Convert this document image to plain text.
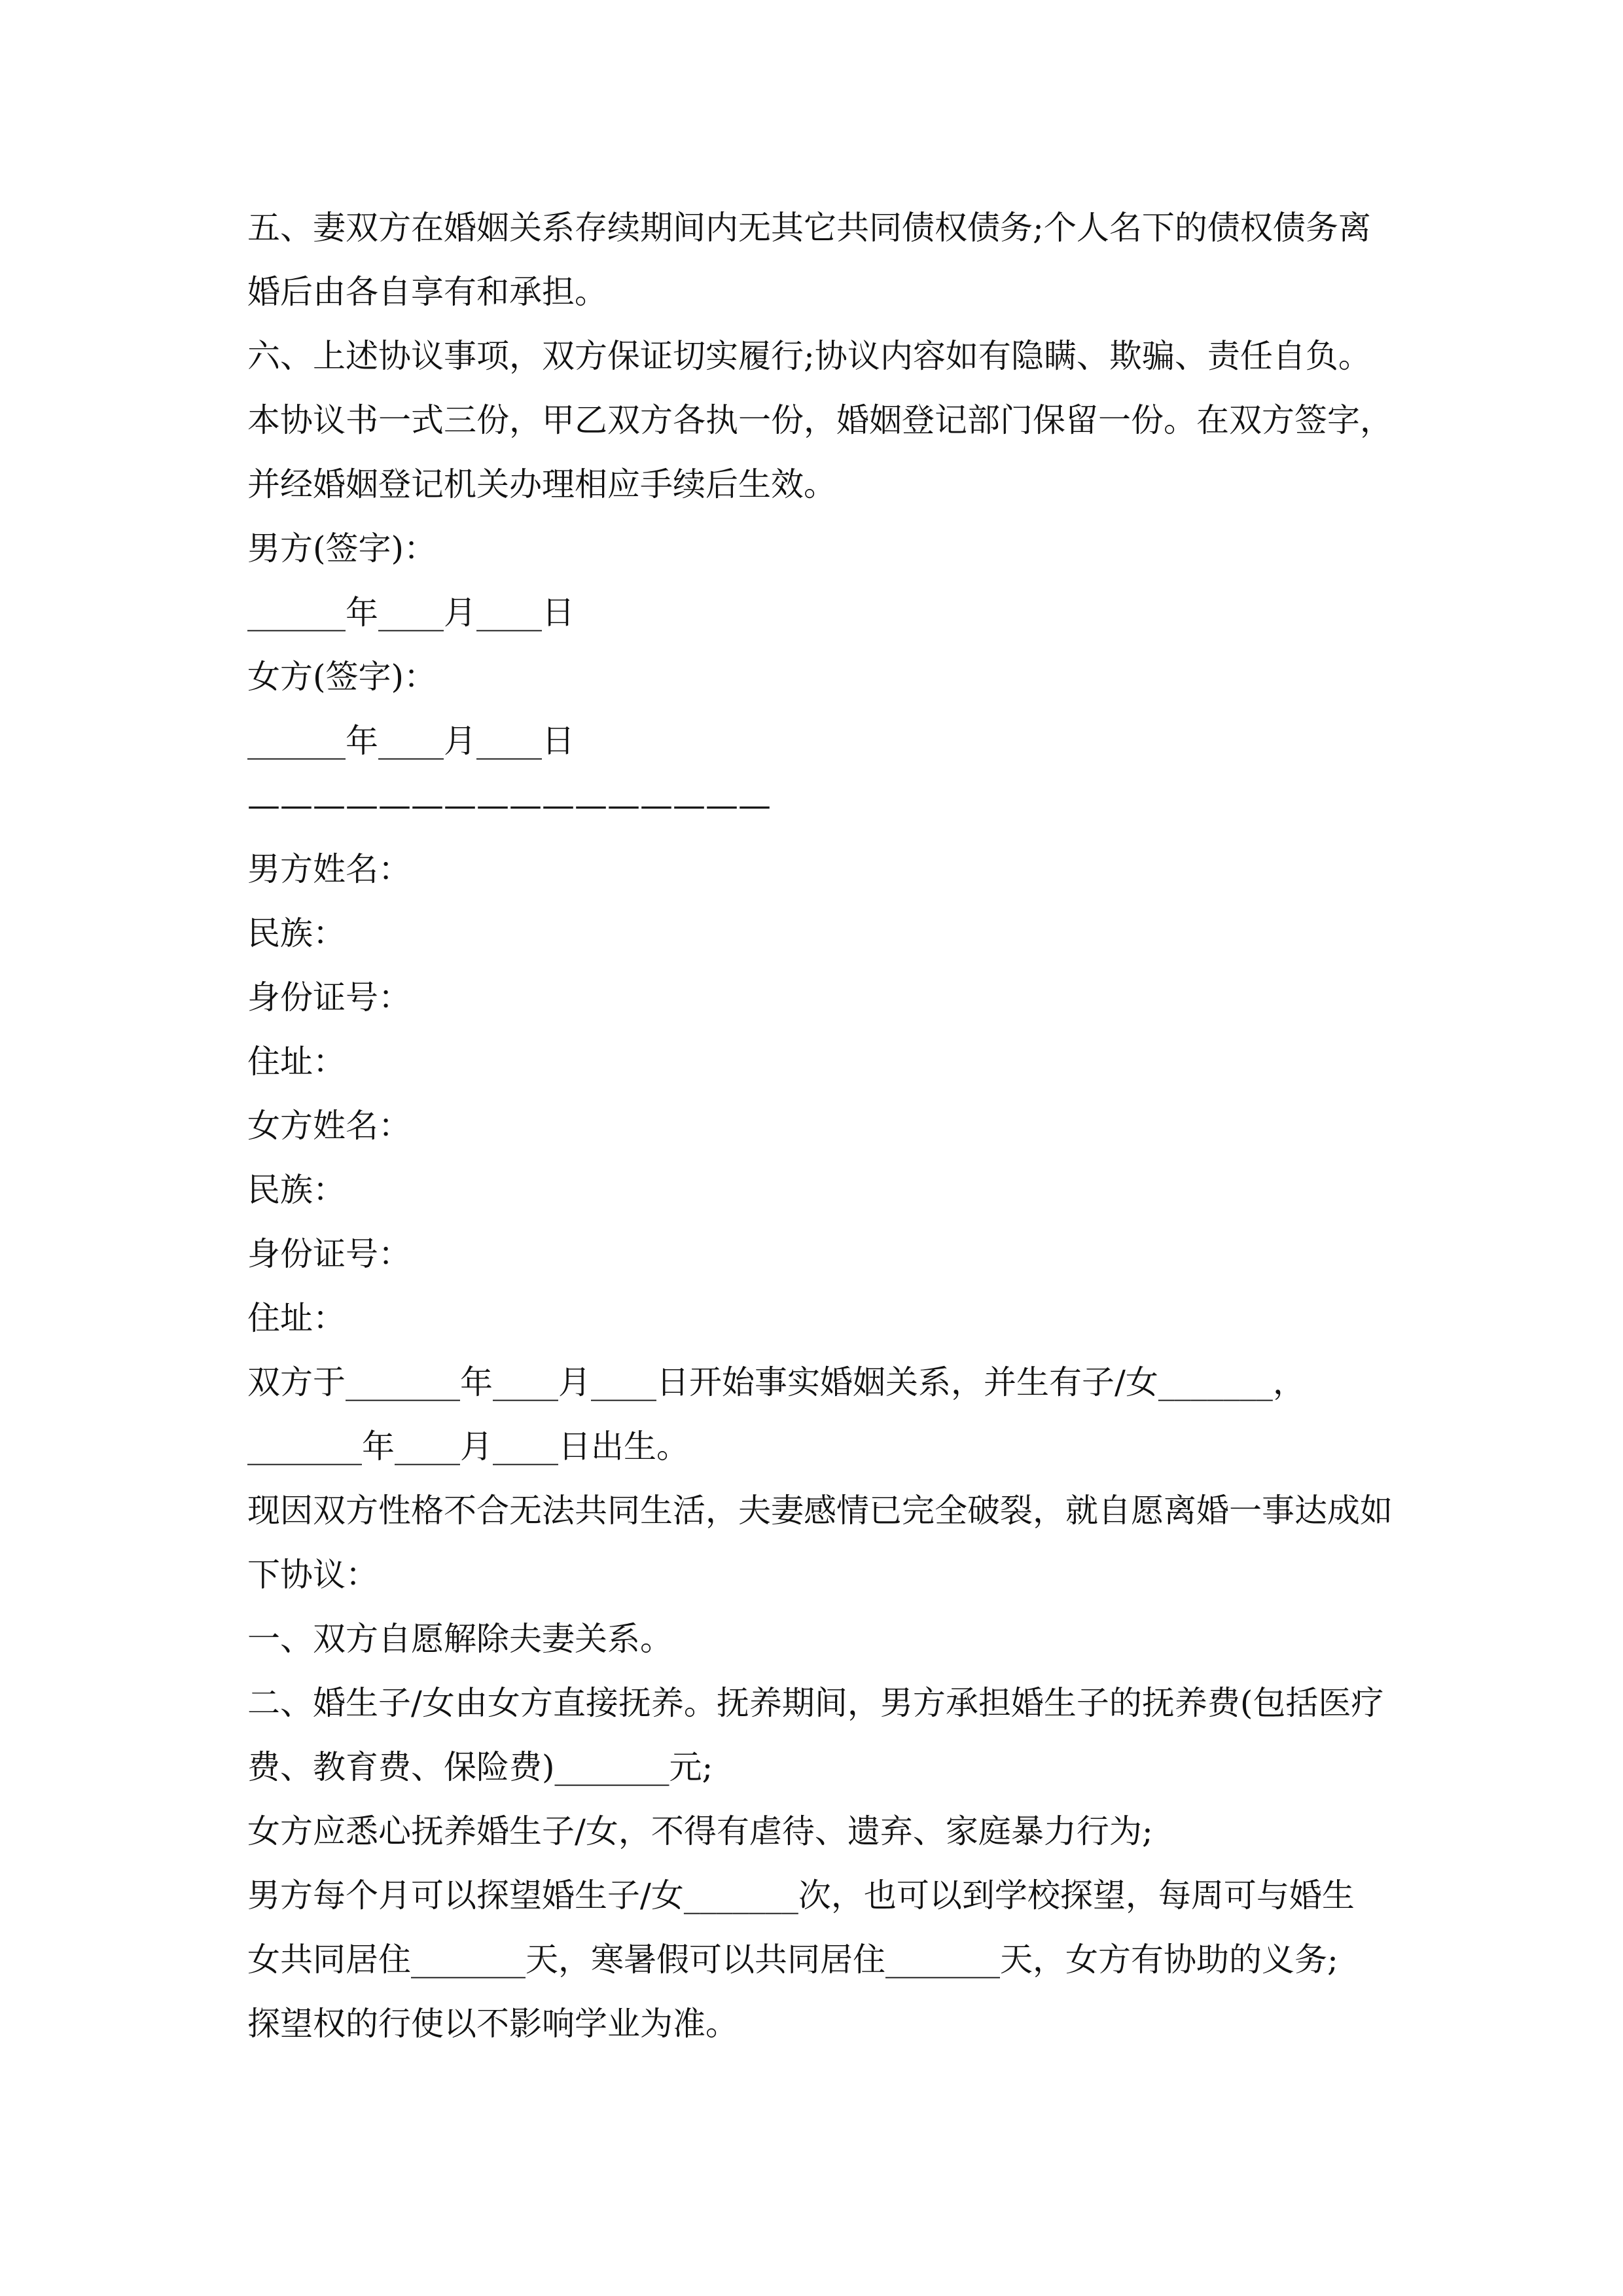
五、妻双方在婚姻关系存续期间内无其它共同债权债务;个人名下的债权债务离
婚后由各自享有和承担。
六、上述协议事项，双方保证切实履行;协议内容如有隐瞒、欺骗、责任自负。
本协议书一式三份，甲乙双方各执一份，婚姻登记部门保留一份。在双方签字，
并经婚姻登记机关办理相应手续后生效。
男方(签字)：
______年____月____日
女方(签字)：
______年____月____日
————————————————
男方姓名：
民族：
身份证号：
住址：
女方姓名：
民族：
身份证号：
住址：
双方于_______年____月____日开始事实婚姻关系，并生有子/女_______，
_______年____月____日出生。
现因双方性格不合无法共同生活，夫妻感情已完全破裂，就自愿离婚一事达成如
下协议：
一、双方自愿解除夫妻关系。
二、婚生子/女由女方直接抚养。抚养期间，男方承担婚生子的抚养费(包括医疗
费、教育费、保险费)_______元;
女方应悉心抚养婚生子/女，不得有虐待、遗弃、家庭暴力行为;
男方每个月可以探望婚生子/女_______次，也可以到学校探望，每周可与婚生
女共同居住_______天，寒暑假可以共同居住_______天，女方有协助的义务;
探望权的行使以不影响学业为准。
